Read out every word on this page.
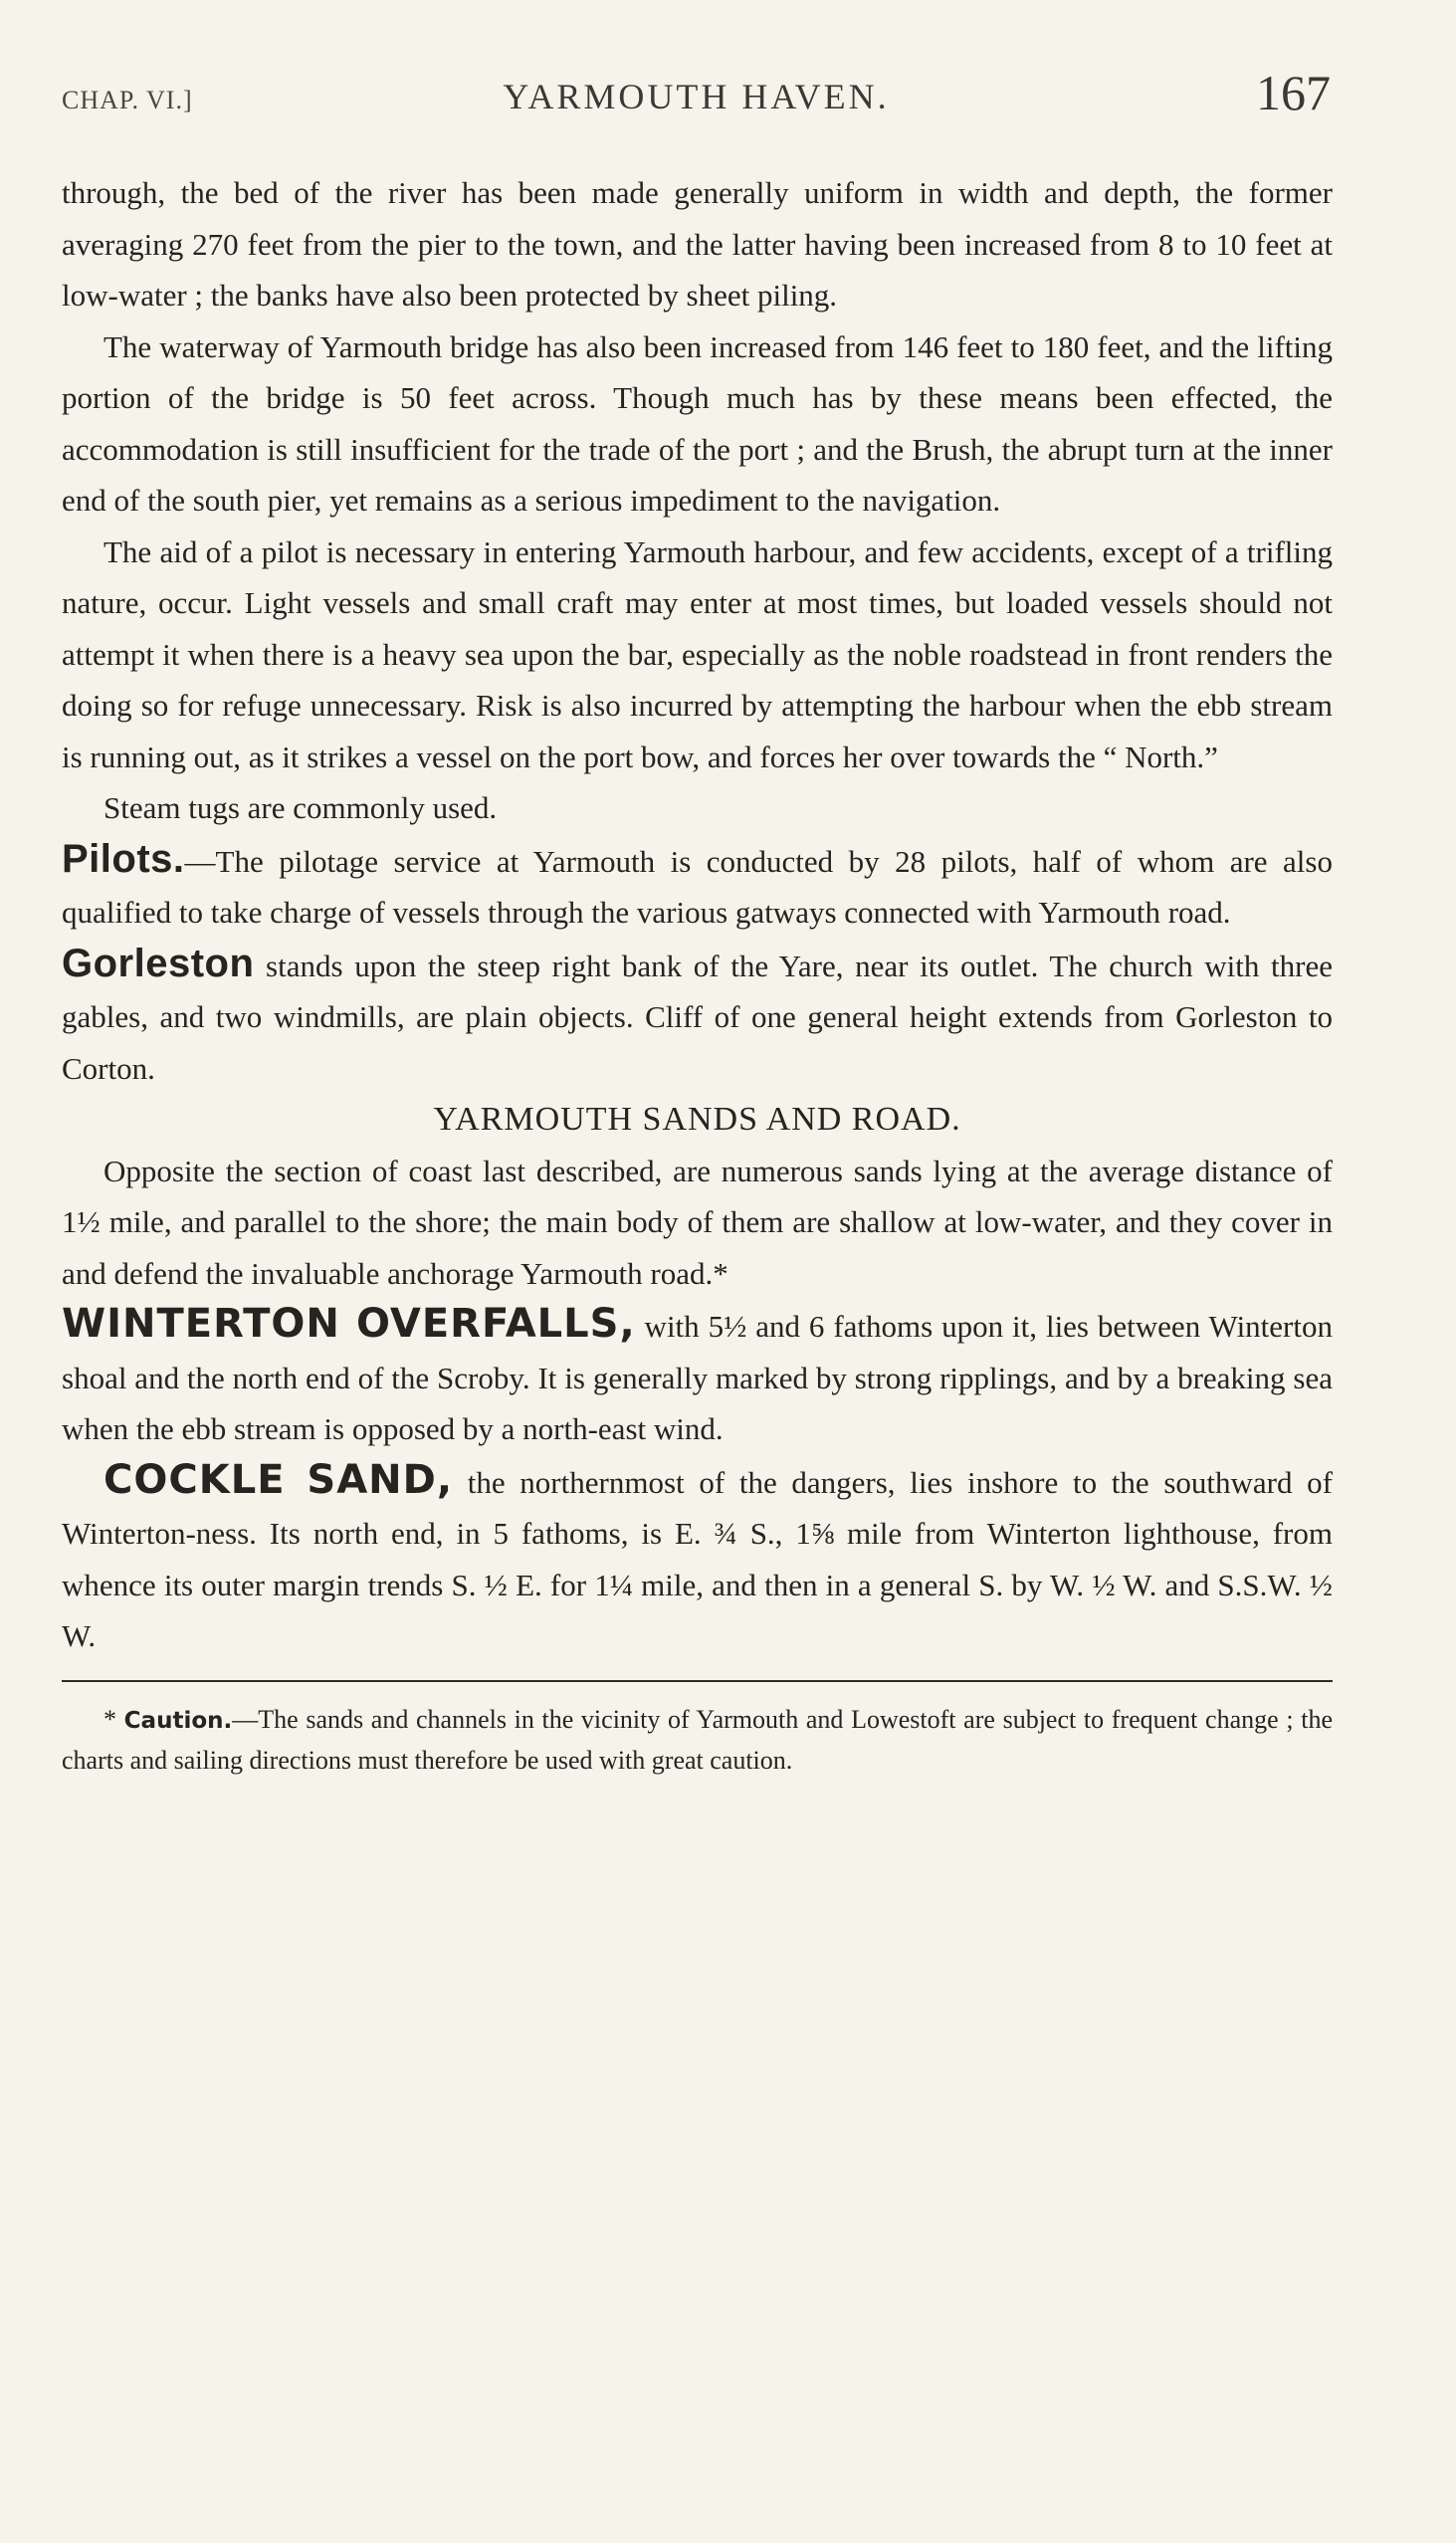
CHAP. VI.]	YARMOUTH HAVEN.	167

through, the bed of the river has been made generally uniform in width and depth, the former averaging 270 feet from the pier to the town, and the latter having been increased from 8 to 10 feet at low-water ; the banks have also been protected by sheet piling.

The waterway of Yarmouth bridge has also been increased from 146 feet to 180 feet, and the lifting portion of the bridge is 50 feet across. Though much has by these means been effected, the accommodation is still insufficient for the trade of the port ; and the Brush, the abrupt turn at the inner end of the south pier, yet remains as a serious impediment to the navigation.

The aid of a pilot is necessary in entering Yarmouth harbour, and few accidents, except of a trifling nature, occur. Light vessels and small craft may enter at most times, but loaded vessels should not attempt it when there is a heavy sea upon the bar, especially as the noble roadstead in front renders the doing so for refuge unnecessary. Risk is also incurred by attempting the harbour when the ebb stream is running out, as it strikes a vessel on the port bow, and forces her over towards the “ North.”

Steam tugs are commonly used.

Pilots.—The pilotage service at Yarmouth is conducted by 28 pilots, half of whom are also qualified to take charge of vessels through the various gatways connected with Yarmouth road.

Gorleston stands upon the steep right bank of the Yare, near its outlet. The church with three gables, and two windmills, are plain objects. Cliff of one general height extends from Gorleston to Corton.

YARMOUTH SANDS AND ROAD.

Opposite the section of coast last described, are numerous sands lying at the average distance of 1½ mile, and parallel to the shore; the main body of them are shallow at low-water, and they cover in and defend the invaluable anchorage Yarmouth road.*

WINTERTON OVERFALLS, with 5½ and 6 fathoms upon it, lies between Winterton shoal and the north end of the Scroby. It is generally marked by strong ripplings, and by a breaking sea when the ebb stream is opposed by a north-east wind.

COCKLE SAND, the northernmost of the dangers, lies inshore to the southward of Winterton-ness. Its north end, in 5 fathoms, is E. ¾ S., 1⅝ mile from Winterton lighthouse, from whence its outer margin trends S. ½ E. for 1¼ mile, and then in a general S. by W. ½ W. and S.S.W. ½ W.

* Caution.—The sands and channels in the vicinity of Yarmouth and Lowestoft are subject to frequent change ; the charts and sailing directions must therefore be used with great caution.
